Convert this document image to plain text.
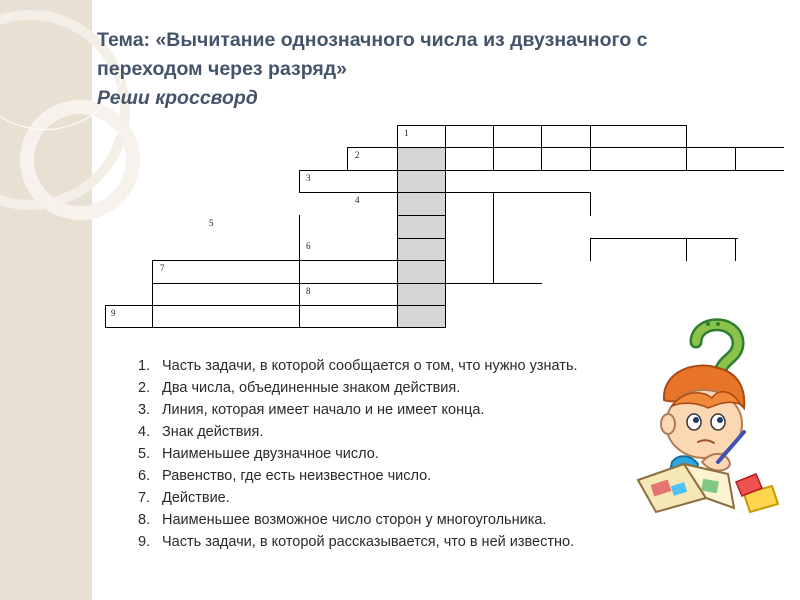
Тема: «Вычитание однозначного числа из двузначного с
переходом через разряд»
Реши кроссворд
1
2
3
4
5
6
7
8
9
1. Часть задачи, в которой сообщается о том, что нужно узнать.
2. Два числа, объединенные знаком действия.
3. Линия, которая имеет начало и не имеет конца.
4. Знак действия.
5. Наименьшее двузначное число.
6. Равенство, где есть неизвестное число.
7. Действие.
8. Наименьшее возможное число сторон у многоугольника.
9. Часть задачи, в которой рассказывается, что в ней известно.
